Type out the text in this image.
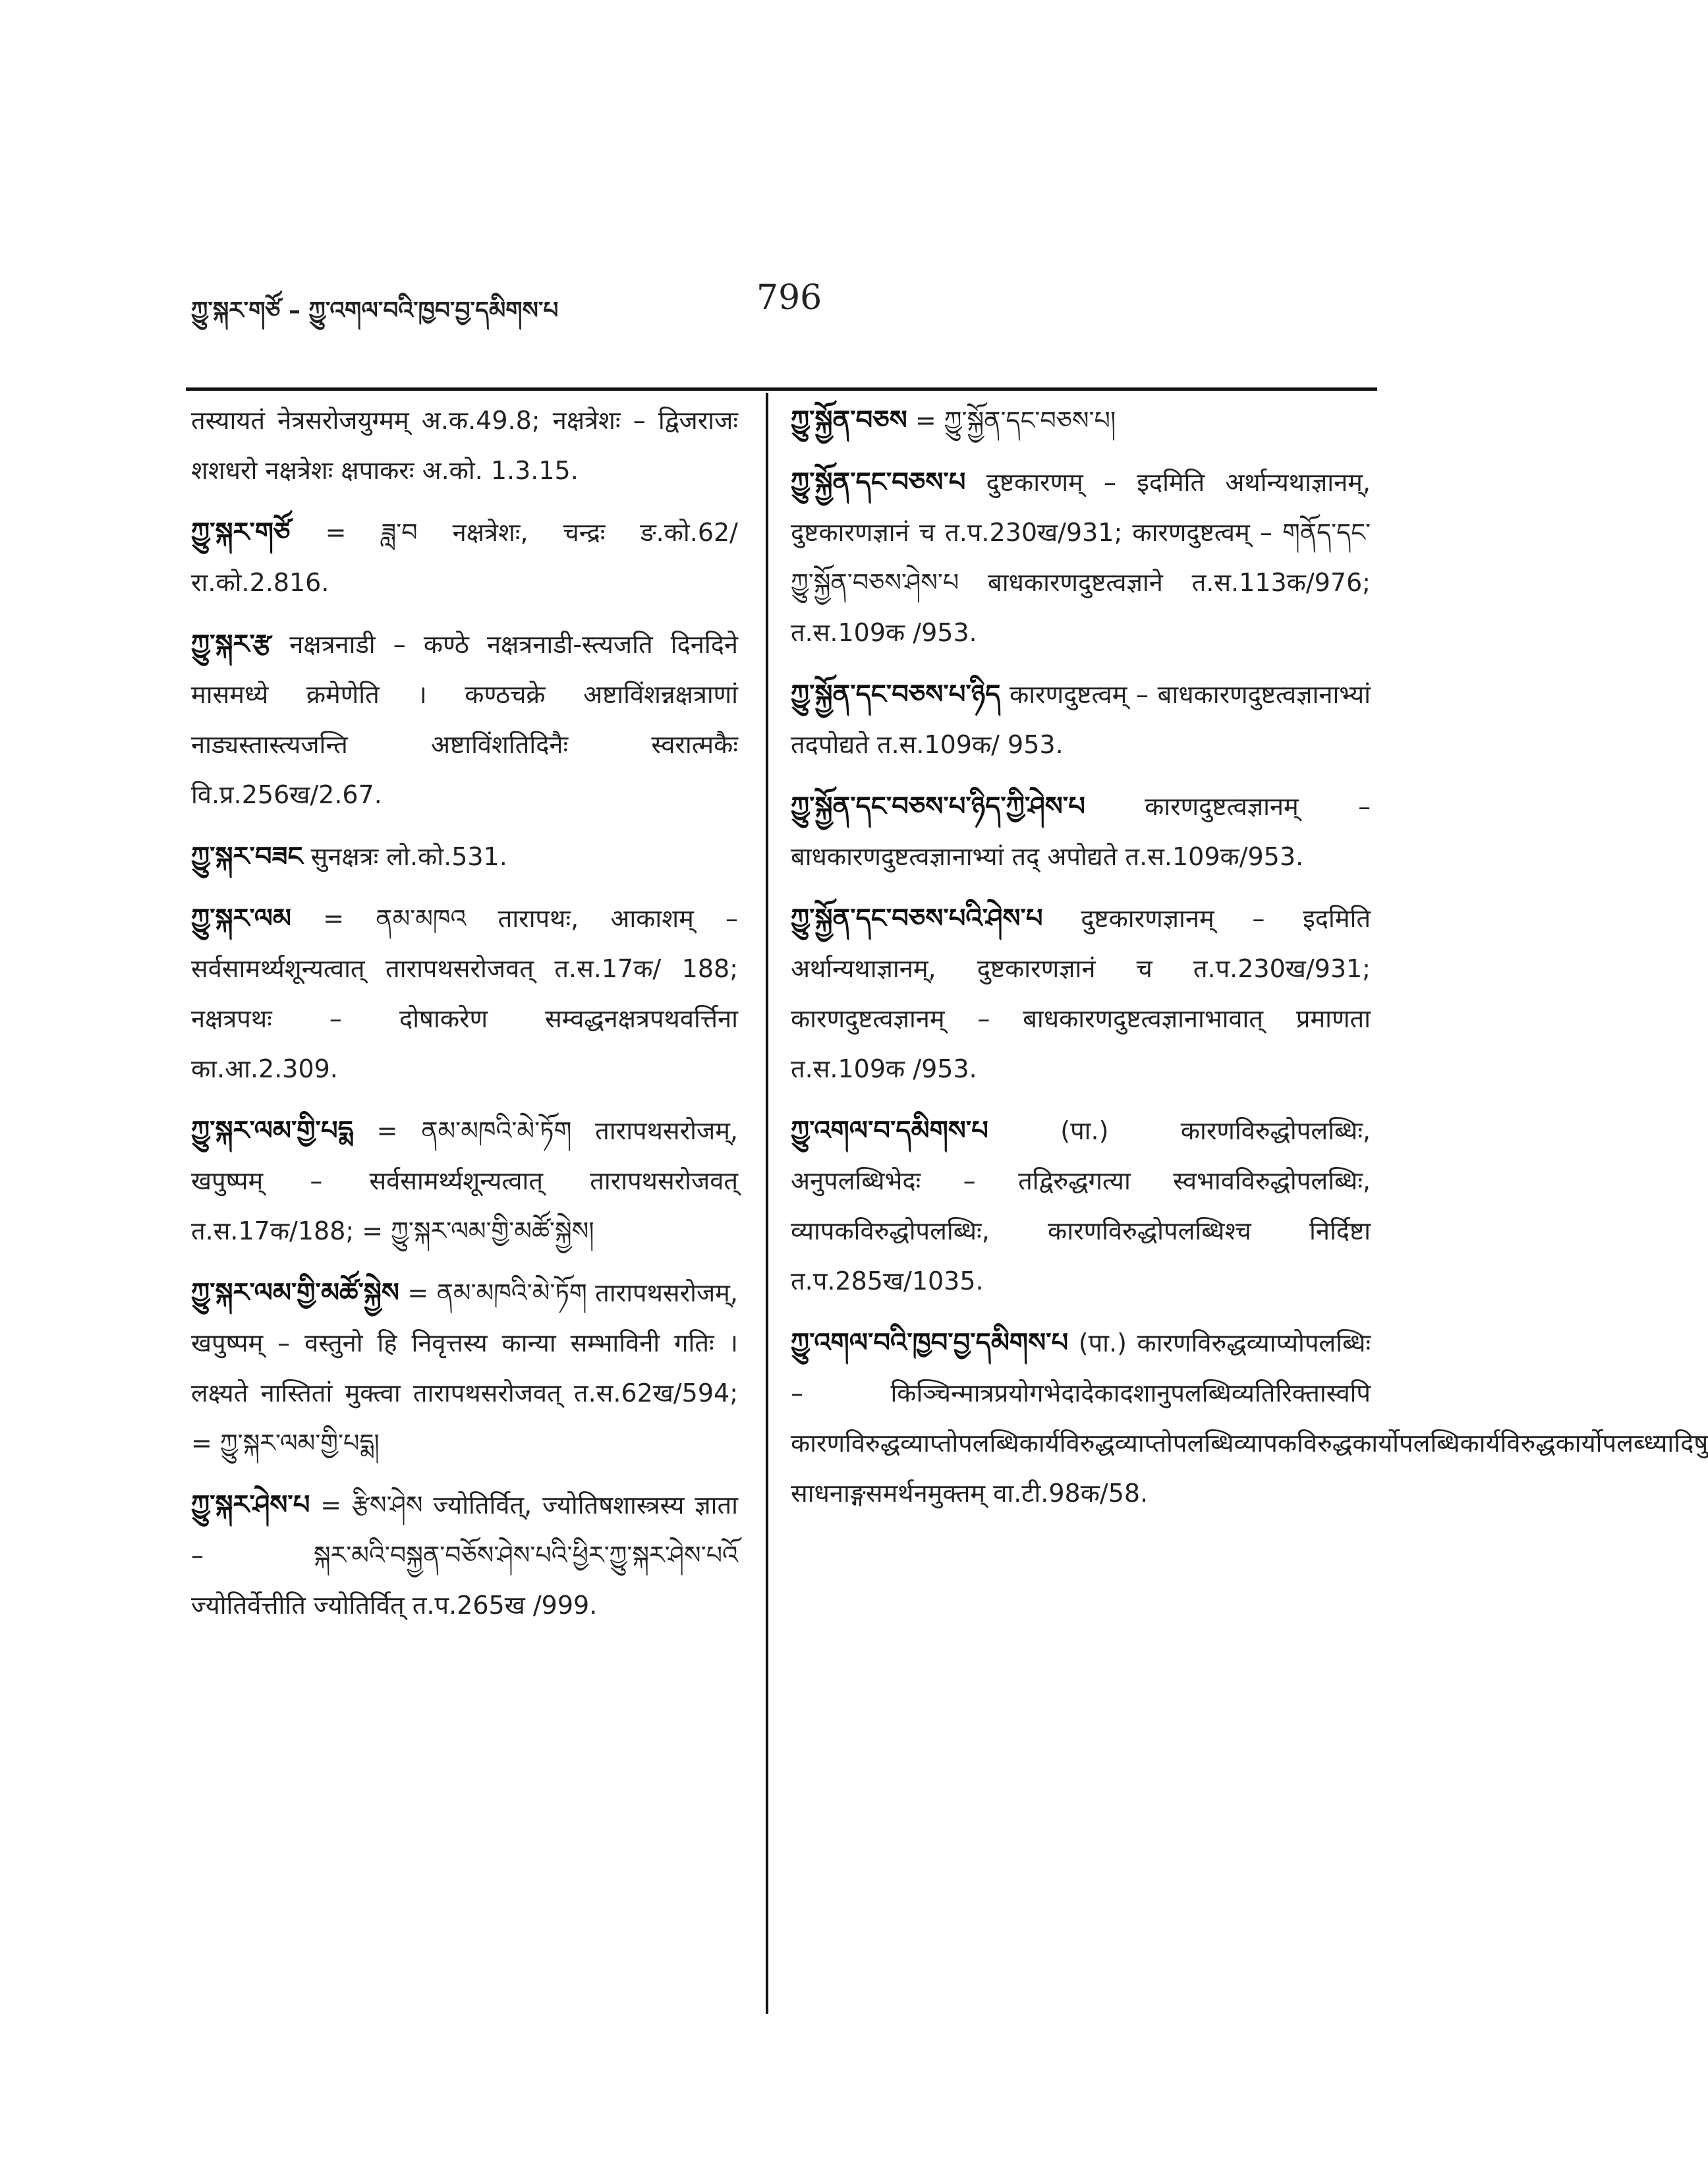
ཀྱུ་སྐར་གཙོ – ཀྱུ་འགལ་བའི་ཁྱབ་བྱ་དམིགས་པ	796
तस्यायतं नेत्रसरोजयुग्मम् अ.क.49.8; नक्षत्रेशः – द्विजराजः शशधरो नक्षत्रेशः क्षपाकरः अ.को. 1.3.15.
ཀྱུ་སྐར་གཙོ = ཟླ་བ नक्षत्रेशः, चन्द्रः ङ.को.62/ रा.को.2.816.
ཀྱུ་སྐར་རྩ नक्षत्रनाडी – कण्ठे नक्षत्रनाडी-स्त्यजति दिनदिने मासमध्ये क्रमेणेति । कण्ठचक्रे अष्टाविंशन्नक्षत्राणां नाड्यस्तास्त्यजन्ति अष्टाविंशतिदिनैः स्वरात्मकैः वि.प्र.256ख/2.67.
ཀྱུ་སྐར་བཟང सुनक्षत्रः लो.को.531.
ཀྱུ་སྐར་ལམ = ནམ་མཁའ तारापथः, आकाशम् – सर्वसामर्थ्यशून्यत्वात् तारापथसरोजवत् त.स.17क/ 188; नक्षत्रपथः – दोषाकरेण सम्वद्धनक्षत्रपथवर्त्तिना का.आ.2.309.
ཀྱུ་སྐར་ལམ་གྱི་པདྨ = ནམ་མཁའི་མེ་ཏོག तारापथसरोजम्, खपुष्पम् – सर्वसामर्थ्यशून्यत्वात् तारापथसरोजवत् त.स.17क/188; = ཀྱུ་སྐར་ལམ་གྱི་མཚོ་སྐྱེས།
ཀྱུ་སྐར་ལམ་གྱི་མཚོ་སྐྱེས = ནམ་མཁའི་མེ་ཏོག तारापथसरोजम्, खपुष्पम् – वस्तुनो हि निवृत्तस्य कान्या सम्भाविनी गतिः । लक्ष्यते नास्तितां मुक्त्वा तारापथसरोजवत् त.स.62ख/594; = ཀྱུ་སྐར་ལམ་གྱི་པདྨ།
ཀྱུ་སྐར་ཤེས་པ = རྩིས་ཤེས ज्योतिर्वित्, ज्योतिषशास्त्रस्य ज्ञाता – སྐར་མའི་བསྐྱན་བཅོས་ཤེས་པའི་ཕྱིར་ཀྱུ་སྐར་ཤེས་པའོ ज्योतिर्वेत्तीति ज्योतिर्वित् त.प.265ख /999.
ཀྱུ་སྐྱོན་བཅས = ཀྱུ་སྐྱོན་དང་བཅས་པ།
ཀྱུ་སྐྱོན་དང་བཅས་པ दुष्टकारणम् – इदमिति अर्थान्यथाज्ञानम्, दुष्टकारणज्ञानं च त.प.230ख/931; कारणदुष्टत्वम् – གནོད་དང་ཀྱུ་སྐྱོན་བཅས་ཤེས་པ बाधकारणदुष्टत्वज्ञाने त.स.113क/976; त.स.109क /953.
ཀྱུ་སྐྱོན་དང་བཅས་པ་ཉིད कारणदुष्टत्वम् – बाधकारणदुष्टत्वज्ञानाभ्यां तदपोद्यते त.स.109क/ 953.
ཀྱུ་སྐྱོན་དང་བཅས་པ་ཉིད་ཀྱི་ཤེས་པ कारणदुष्टत्वज्ञानम् – बाधकारणदुष्टत्वज्ञानाभ्यां तद् अपोद्यते त.स.109क/953.
ཀྱུ་སྐྱོན་དང་བཅས་པའི་ཤེས་པ दुष्टकारणज्ञानम् – इदमिति अर्थान्यथाज्ञानम्, दुष्टकारणज्ञानं च त.प.230ख/931; कारणदुष्टत्वज्ञानम् – बाधकारणदुष्टत्वज्ञानाभावात् प्रमाणता त.स.109क /953.
ཀྱུ་འགལ་བ་དམིགས་པ	(पा.) कारणविरुद्धोपलब्धिः, अनुपलब्धिभेदः – तद्विरुद्धगत्या स्वभावविरुद्धोपलब्धिः, व्यापकविरुद्धोपलब्धिः, कारणविरुद्धोपलब्धिश्च निर्दिष्टा त.प.285ख/1035.
ཀྱུ་འགལ་བའི་ཁྱབ་བྱ་དམིགས་པ (पा.) कारणविरुद्धव्याप्योपलब्धिः – किञ्चिन्मात्रप्रयोगभेदादेकादशानुपलब्धिव्यतिरिक्तास्वपि कारणविरुद्धव्याप्तोपलब्धिकार्यविरुद्धव्याप्तोपलब्धिव्यापकविरुद्धकार्योपलब्धिकार्यविरुद्धकार्योपलब्ध्यादिषु साधनाङ्गसमर्थनमुक्तम् वा.टी.98क/58.
